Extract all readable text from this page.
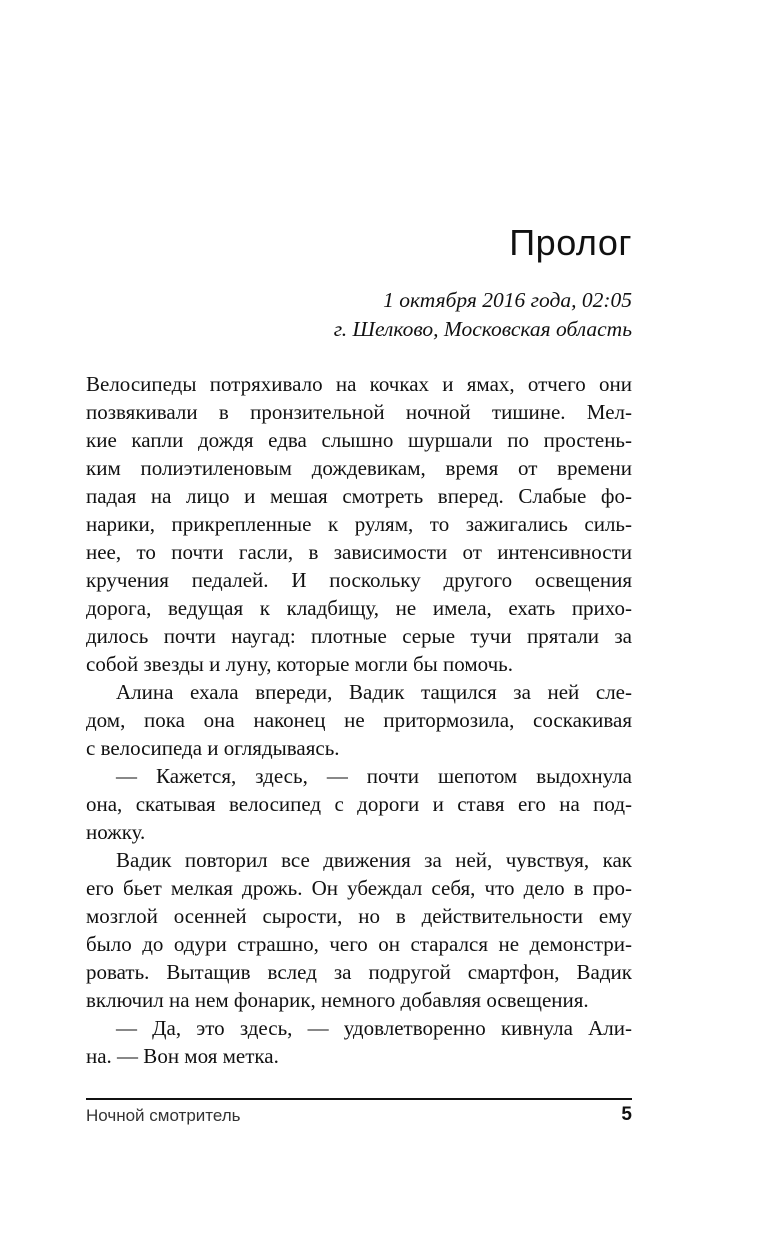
Пролог
1 октября 2016 года, 02:05
г. Шелково, Московская область
Велосипеды потряхивало на кочках и ямах, отчего они
позвякивали в пронзительной ночной тишине. Мел-
кие капли дождя едва слышно шуршали по простень-
ким полиэтиленовым дождевикам, время от времени
падая на лицо и мешая смотреть вперед. Слабые фо-
нарики, прикрепленные к рулям, то зажигались силь-
нее, то почти гасли, в зависимости от интенсивности
кручения педалей. И поскольку другого освещения
дорога, ведущая к кладбищу, не имела, ехать прихо-
дилось почти наугад: плотные серые тучи прятали за
собой звезды и луну, которые могли бы помочь.
Алина ехала впереди, Вадик тащился за ней сле-
дом, пока она наконец не притормозила, соскакивая
с велосипеда и оглядываясь.
— Кажется, здесь, — почти шепотом выдохнула
она, скатывая велосипед с дороги и ставя его на под-
ножку.
Вадик повторил все движения за ней, чувствуя, как
его бьет мелкая дрожь. Он убеждал себя, что дело в про-
мозглой осенней сырости, но в действительности ему
было до одури страшно, чего он старался не демонстри-
ровать. Вытащив вслед за подругой смартфон, Вадик
включил на нем фонарик, немного добавляя освещения.
— Да, это здесь, — удовлетворенно кивнула Али-
на. — Вон моя метка.
Ночной смотритель	5
